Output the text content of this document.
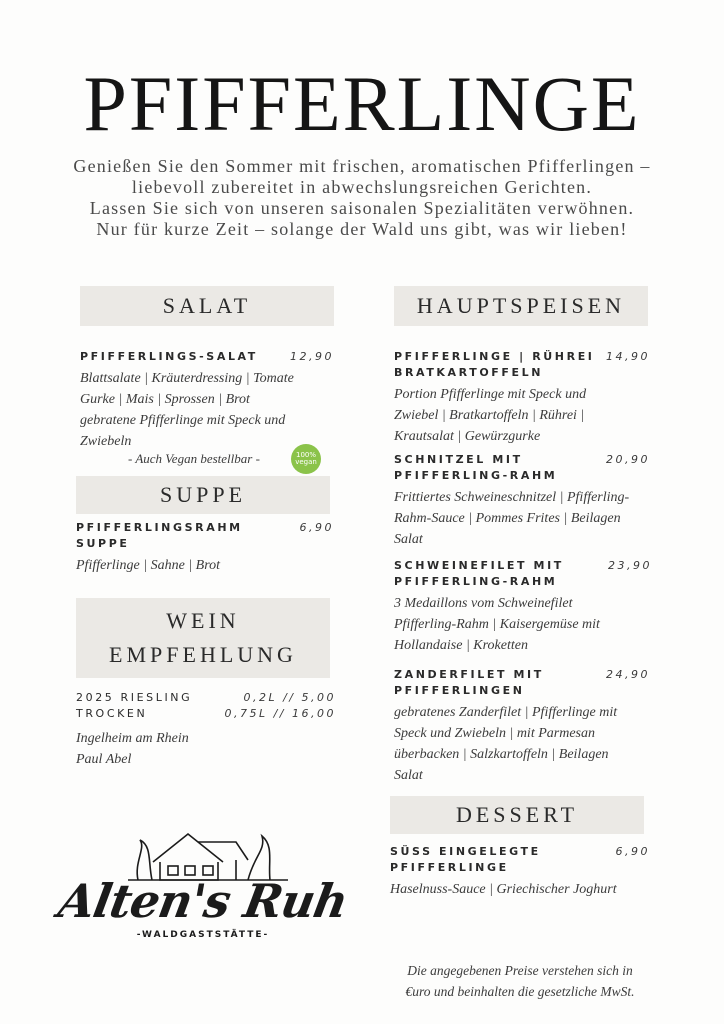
PFIFFERLINGE
Genießen Sie den Sommer mit frischen, aromatischen Pfifferlingen –
liebevoll zubereitet in abwechslungsreichen Gerichten.
Lassen Sie sich von unseren saisonalen Spezialitäten verwöhnen.
Nur für kurze Zeit – solange der Wald uns gibt, was wir lieben!
SALAT
PFIFFERLINGS-SALAT	12,90
Blattsalate | Kräuterdressing | Tomate
Gurke | Mais | Sprossen | Brot
gebratene Pfifferlinge mit Speck und
Zwiebeln
- Auch Vegan bestellbar -	100% vegan
SUPPE
PFIFFERLINGSRAHM
SUPPE
6,90
Pfifferlinge | Sahne | Brot
WEIN
EMPFEHLUNG
2025 RIESLING
TROCKEN
0,2L // 5,00
0,75L // 16,00
Ingelheim am Rhein
Paul Abel
Alten's Ruh
-WALDGASTSTÄTTE-
HAUPTSPEISEN
PFIFFERLINGE | RÜHREI
BRATKARTOFFELN
14,90
Portion Pfifferlinge mit Speck und
Zwiebel | Bratkartoffeln | Rührei |
Krautsalat | Gewürzgurke
SCHNITZEL MIT
PFIFFERLING-RAHM
20,90
Frittiertes Schweineschnitzel | Pfifferling-
Rahm-Sauce | Pommes Frites | Beilagen
Salat
SCHWEINEFILET MIT
PFIFFERLING-RAHM
23,90
3 Medaillons vom Schweinefilet
Pfifferling-Rahm | Kaisergemüse mit
Hollandaise | Kroketten
ZANDERFILET MIT
PFIFFERLINGEN
24,90
gebratenes Zanderfilet | Pfifferlinge mit
Speck und Zwiebeln | mit Parmesan
überbacken | Salzkartoffeln | Beilagen
Salat
DESSERT
SÜSS EINGELEGTE
PFIFFERLINGE
6,90
Haselnuss-Sauce | Griechischer Joghurt
Die angegebenen Preise verstehen sich in
€uro und beinhalten die gesetzliche MwSt.
